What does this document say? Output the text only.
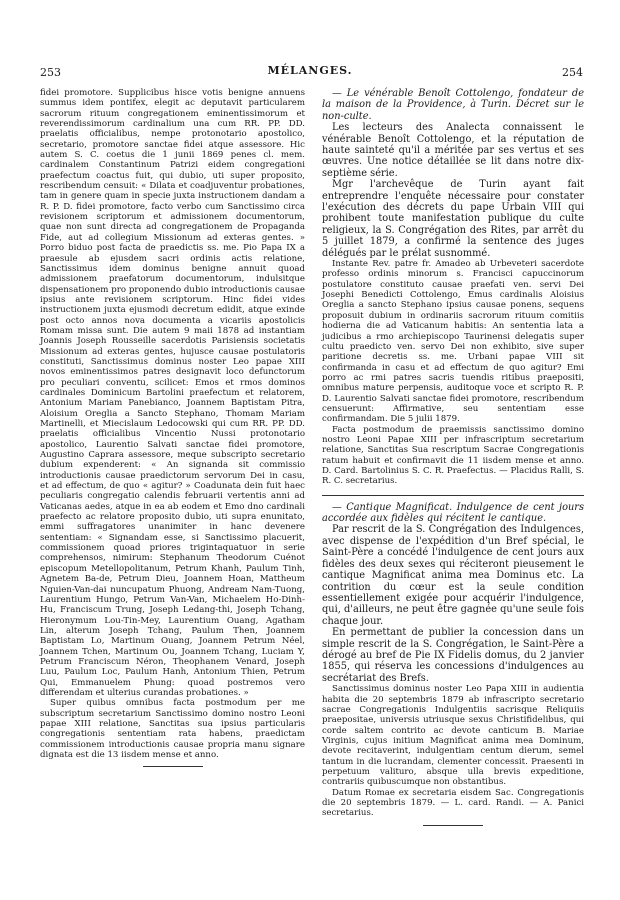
253	MÉLANGES.	254

fidei promotore. Supplicibus hisce votis benigne annuens summus idem pontifex, elegit ac deputavit particularem sacrorum rituum congregationem eminentissimorum et reverendissimorum cardinalium una cum RR. PP. DD. praelatis officialibus, nempe protonotario apostolico, secretario, promotore sanctae fidei atque assessore. Hic autem S. C. coetus die 1 junii 1869 penes cl. mem. cardinalem Constantinum Patrizi eidem congregationi praefectum coactus fuit, qui dubio, uti super proposito, rescribendum censuit: « Dilata et coadjuventur probationes, tam in genere quam in specie juxta instructionem dandam a R. P. D. fidei promotore, facto verbo cum Sanctissimo circa revisionem scriptorum et admissionem documentorum, quae non sunt directa ad congregationem de Propaganda Fide, aut ad collegium Missionum ad exteras gentes. » Porro biduo post facta de praedictis ss. me. Pio Papa IX a praesule ab ejusdem sacri ordinis actis relatione, Sanctissimus idem dominus benigne annuit quoad admissionem praefatorum documentorum, indulsitque dispensationem pro proponendo dubio introductionis causae ipsius ante revisionem scriptorum. Hinc fidei vides instructionem juxta ejusmodi decretum edidit, atque exinde post octo annos nova documenta a vicariis apostolicis Romam missa sunt. Die autem 9 maii 1878 ad instantiam Joannis Joseph Rousseille sacerdotis Parisiensis societatis Missionum ad exteras gentes, hujusce causae postulatoris constituti, Sanctissimus dominus noster Leo papae XIII novos eminentissimos patres designavit loco defunctorum pro peculiari conventu, scilicet: Emos et rmos dominos cardinales Dominicum Bartolini praefectum et relatorem, Antonium Mariam Panebianco, Joannem Baptistam Pitra, Aloisium Oreglia a Sancto Stephano, Thomam Mariam Martinelli, et Miecislaum Ledocowski qui cum RR. PP. DD. praelatis officialibus Vincentio Nussi protonotario apostolico, Laurentio Salvati sanctae fidei promotore, Augustino Caprara assessore, meque subscripto secretario dubium expenderent: « An signanda sit commissio introductionis causae praedictorum servorum Dei in casu, et ad effectum, de quo « agitur? » Coadunata dein fuit haec peculiaris congregatio calendis februarii vertentis anni ad Vaticanas aedes, atque in ea ab eodem et Emo dno cardinali praefecto ac relatore proposito dubio, uti supra enunitato, emmi suffragatores unanimiter in hanc devenere sententiam: « Signandam esse, si Sanctissimo placuerit, commissionem quoad priores trigintaquatuor in serie comprehensos, nimirum: Stephanum Theodorum Cuénot episcopum Metellopolitanum, Petrum Khanh, Paulum Tinh, Agnetem Ba-de, Petrum Dieu, Joannem Hoan, Mattheum Nguien-Van-dai nuncupatum Phuong, Andream Nam-Tuong, Laurentium Hungo, Petrum Van-Van, Michaelem Ho-Dinh-Hu, Franciscum Trung, Joseph Ledang-thi, Joseph Tchang, Hieronymum Lou-Tin-Mey, Laurentium Ouang, Agatham Lin, alterum Joseph Tchang, Paulum Then, Joannem Baptistam Lo, Martinum Ouang, Joannem Petrum Néel, Joannem Tchen, Martinum Ou, Joannem Tchang, Luciam Y, Petrum Franciscum Néron, Theophanem Venard, Joseph Luu, Paulum Loc, Paulum Hanh, Antonium Thien, Petrum Qui, Emmanuelem Phung: quoad postremos vero differendam et ulterius curandas probationes. »

Super quibus omnibus facta postmodum per me subscriptum secretarium Sanctissimo domino nostro Leoni papae XIII relatione, Sanctitas sua ipsius particularis congregationis sententiam rata habens, praedictam commissionem introductionis causae propria manu signare dignata est die 13 iisdem mense et anno.

— Le vénérable Benoît Cottolengo, fondateur de la maison de la Providence, à Turin. Décret sur le non-culte.

Les lecteurs des Analecta connaissent le vénérable Benoît Cottolengo, et la réputation de haute sainteté qu'il a méritée par ses vertus et ses œuvres. Une notice détaillée se lit dans notre dix-septième série.

Mgr l'archevêque de Turin ayant fait entreprendre l'enquête nécessaire pour constater l'exécution des décrets du pape Urbain VIII qui prohibent toute manifestation publique du culte religieux, la S. Congrégation des Rites, par arrêt du 5 juillet 1879, a confirmé la sentence des juges délégués par le prélat susnommé.

Instante Rev. patre fr. Amadeo ab Urbeveteri sacerdote professo ordinis minorum s. Francisci capuccinorum postulatore constituto causae praefati ven. servi Dei Josephi Benedicti Cottolengo, Emus cardinalis Aloisius Oreglia a sancto Stephano ipsius causae ponens, sequens proposuit dubium in ordinariis sacrorum rituum comitiis hodierna die ad Vaticanum habitis: An sententia lata a judicibus a rmo archiepiscopo Taurinensi delegatis super cultu praedicto ven. servo Dei non exhibito, sive super paritione decretis ss. me. Urbani papae VIII sit confirmanda in casu et ad effectum de quo agitur? Emi porro ac rmi patres sacris tuendis ritibus praepositi, omnibus mature perpensis, auditoque voce et scripto R. P. D. Laurentio Salvati sanctae fidei promotore, rescribendum censuerunt: Affirmative, seu sententiam esse confirmandam. Die 5 julii 1879.

Facta postmodum de praemissis sanctissimo domino nostro Leoni Papae XIII per infrascriptum secretarium relatione, Sanctitas Sua rescriptum Sacrae Congregationis ratum habuit et confirmavit die 11 iisdem mense et anno. D. Card. Bartolinius S. C. R. Praefectus. — Placidus Ralli, S. R. C. secretarius.

— Cantique Magnificat. Indulgence de cent jours accordée aux fidèles qui récitent le cantique.

Par rescrit de la S. Congrégation des Indulgences, avec dispense de l'expédition d'un Bref spécial, le Saint-Père a concédé l'indulgence de cent jours aux fidèles des deux sexes qui réciteront pieusement le cantique Magnificat anima mea Dominus etc. La contrition du cœur est la seule condition essentiellement exigée pour acquérir l'indulgence, qui, d'ailleurs, ne peut être gagnée qu'une seule fois chaque jour.

En permettant de publier la concession dans un simple rescrit de la S. Congrégation, le Saint-Père a dérogé au bref de Pie IX Fidelis domus, du 2 janvier 1855, qui réserva les concessions d'indulgences au secrétariat des Brefs.

Sanctissimus dominus noster Leo Papa XIII in audientia habita die 20 septembris 1879 ab infrascripto secretario sacrae Congregationis Indulgentiis sacrisque Reliquiis praepositae, universis utriusque sexus Christifidelibus, qui corde saltem contrito ac devote canticum B. Mariae Virginis, cujus initium Magnificat anima mea Dominum, devote recitaverint, indulgentiam centum dierum, semel tantum in die lucrandam, clementer concessit. Praesenti in perpetuum valituro, absque ulla brevis expeditione, contrariis quibuscumque non obstantibus.

Datum Romae ex secretaria eisdem Sac. Congregationis die 20 septembris 1879. — L. card. Randi. — A. Panici secretarius.
